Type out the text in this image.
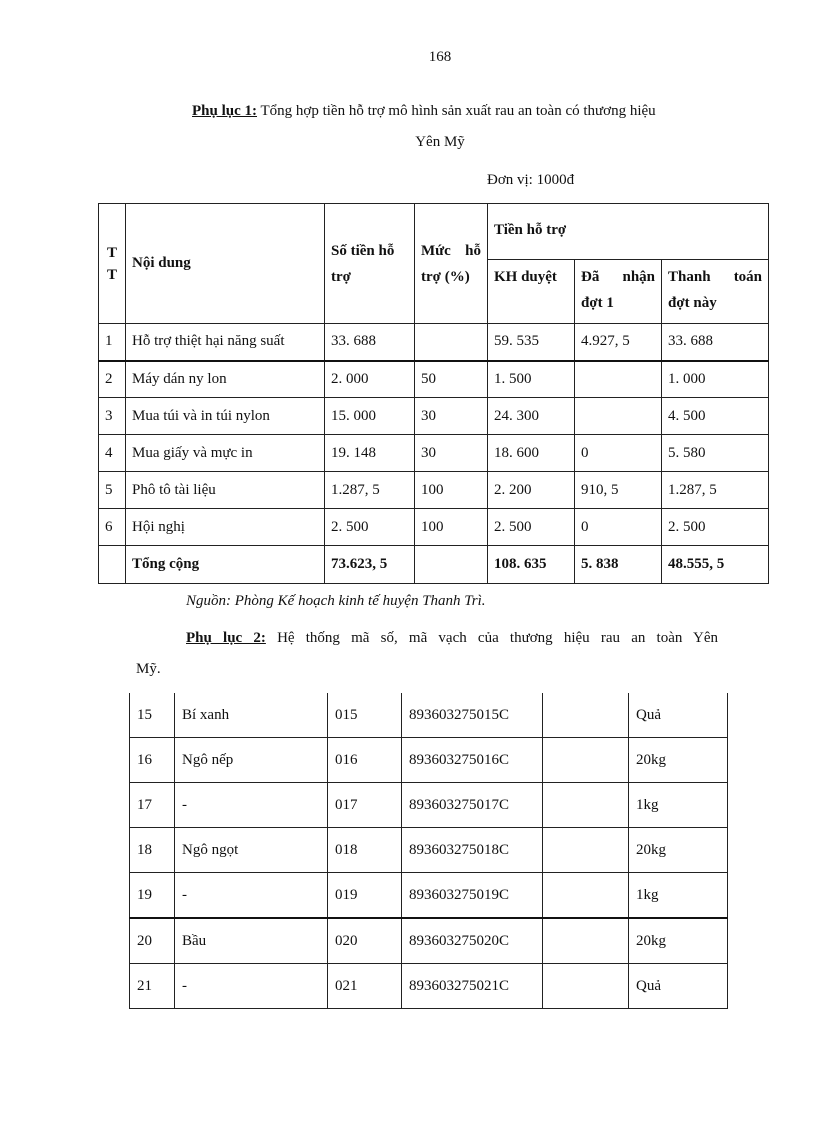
168
Phụ lục 1: Tổng hợp tiền hỗ trợ mô hình sản xuất rau an toàn có thương hiệu
Yên Mỹ
Đơn vị: 1000đ
T T	Nội dung	Số tiền hỗ trợ	Mức hỗ trợ (%)	Tiền hỗ trợ		
				KH duyệt	Đã nhận đợt 1	Thanh toán đợt này
1	Hỗ trợ thiệt hại năng suất	33. 688		59. 535	4.927, 5	33. 688
2	Máy dán ny lon	2. 000	50	1. 500		1. 000
3	Mua túi và in túi nylon	15. 000	30	24. 300		4. 500
4	Mua giấy và mực in	19. 148	30	18. 600	0	5. 580
5	Phô tô tài liệu	1.287, 5	100	2. 200	910, 5	1.287, 5
6	Hội nghị	2. 500	100	2. 500	0	2. 500
	Tổng cộng	73.623, 5		108. 635	5. 838	48.555, 5
Nguồn: Phòng Kế hoạch kinh tế huyện Thanh Trì.
Phụ lục 2: Hệ thống mã số, mã vạch của thương hiệu rau an toàn Yên
Mỹ.
15	Bí xanh	015	893603275015C		Quả
16	Ngô nếp	016	893603275016C		20kg
17	-	017	893603275017C		1kg
18	Ngô ngọt	018	893603275018C		20kg
19	-	019	893603275019C		1kg
20	Bầu	020	893603275020C		20kg
21	-	021	893603275021C		Quả
